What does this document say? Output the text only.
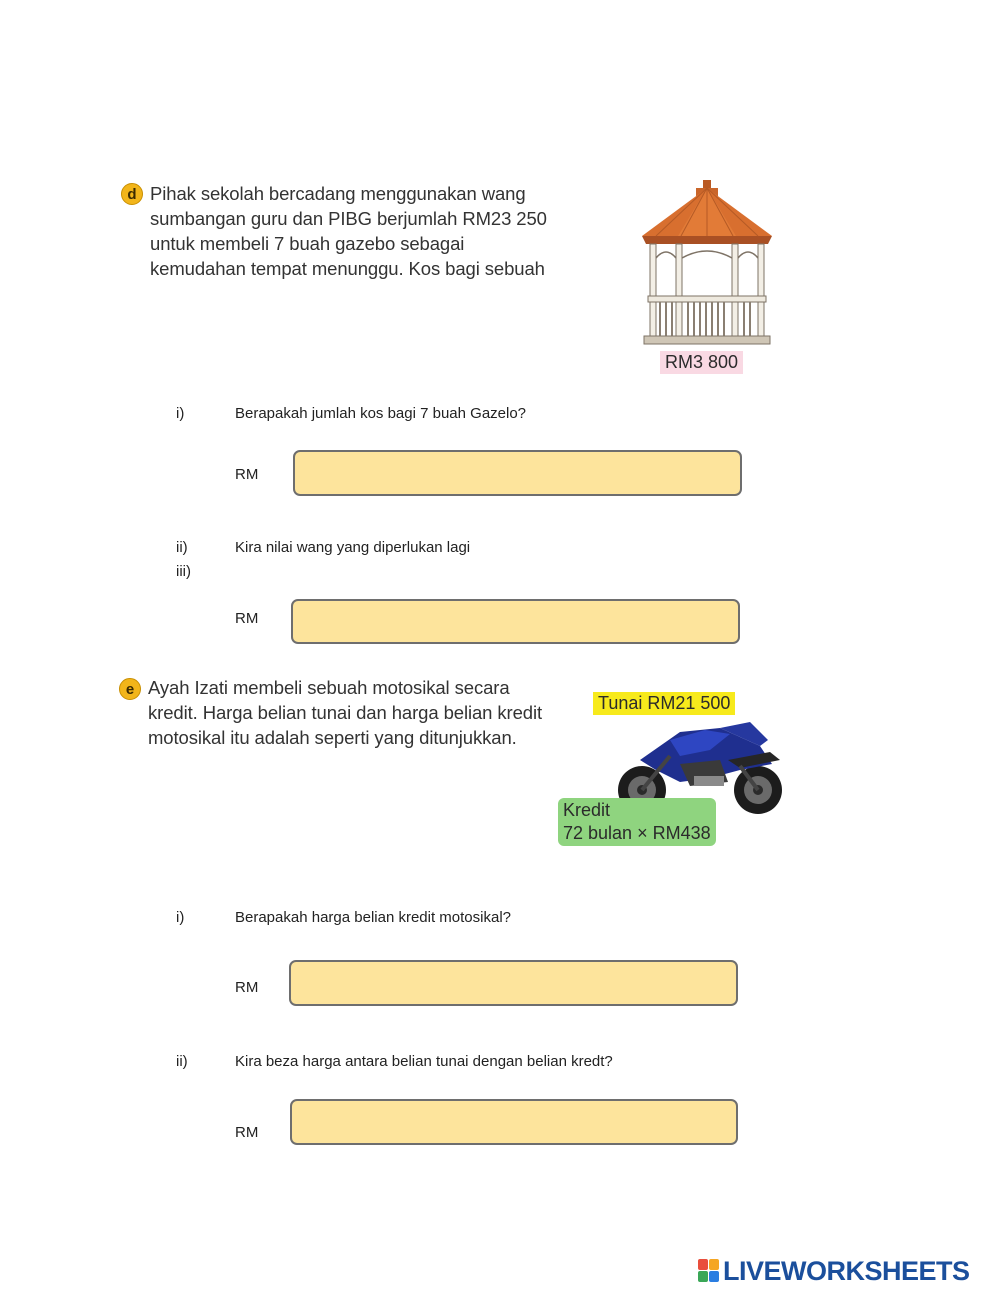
d Pihak sekolah bercadang menggunakan wang
sumbangan guru dan PIBG berjumlah RM23 250
untuk membeli 7 buah gazebo sebagai
kemudahan tempat menunggu. Kos bagi sebuah
RM3 800
i)	Berapakah jumlah kos bagi 7 buah Gazelo?
RM
ii)
iii)
Kira nilai wang yang diperlukan lagi
RM
e Ayah Izati membeli sebuah motosikal secara
kredit. Harga belian tunai dan harga belian kredit
motosikal itu adalah seperti yang ditunjukkan.
Tunai RM21 500
Kredit
72 bulan × RM438
i)	Berapakah harga belian kredit motosikal?
RM
ii)	Kira beza harga antara belian tunai dengan belian kredt?
RM
LIVEWORKSHEETS
